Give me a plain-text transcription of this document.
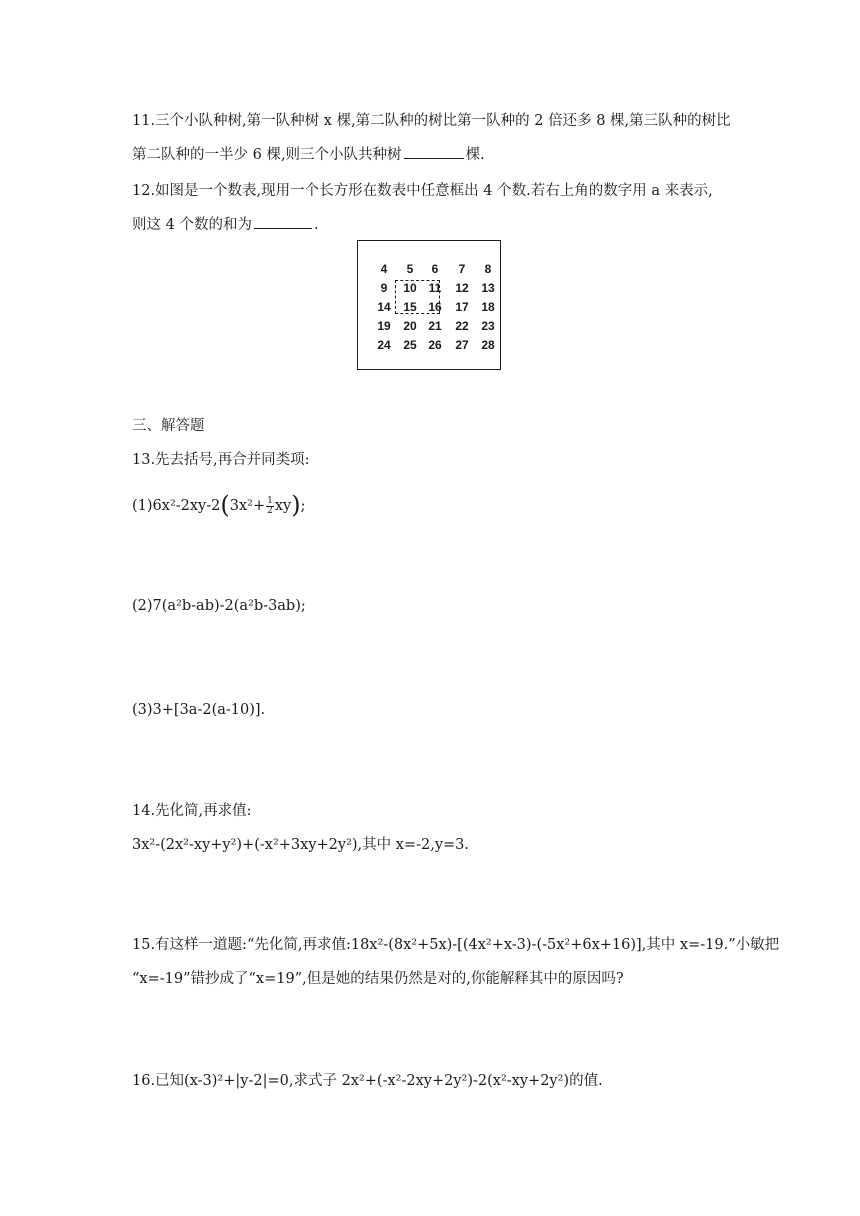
11.三个小队种树,第一队种树 x 棵,第二队种的树比第一队种的 2 倍还多 8 棵,第三队种的树比
第二队种的一半少 6 棵,则三个小队共种树	棵.
12.如图是一个数表,现用一个长方形在数表中任意框出 4 个数.若右上角的数字用 a 来表示,
则这 4 个数的和为	.
4	5	6	7	8
9	10 11	12	13
14	15 16	17	18
19	20 21	22	23
24	25 26	27	28
三、解答题
13.先去括号,再合并同类项:
$(1)6x^2-2xy-2(3x^2+ \frac{1}{2} xy)$;
(2)7(a²b-ab)-2(a²b-3ab);
(3)3+[3a-2(a-10)].
14.先化简,再求值:
3x²-(2x²-xy+y²)+(-x²+3xy+2y²),其中 x=-2,y=3.
15.有这样一道题:“先化简,再求值:18x²-(8x²+5x)-[(4x²+x-3)-(-5x²+6x+16)],其中 x=-19.”小敏把
“x=-19”错抄成了“x=19”,但是她的结果仍然是对的,你能解释其中的原因吗?
16.已知(x-3)²+|y-2|=0,求式子 2x²+(-x²-2xy+2y²)-2(x²-xy+2y²)的值.
